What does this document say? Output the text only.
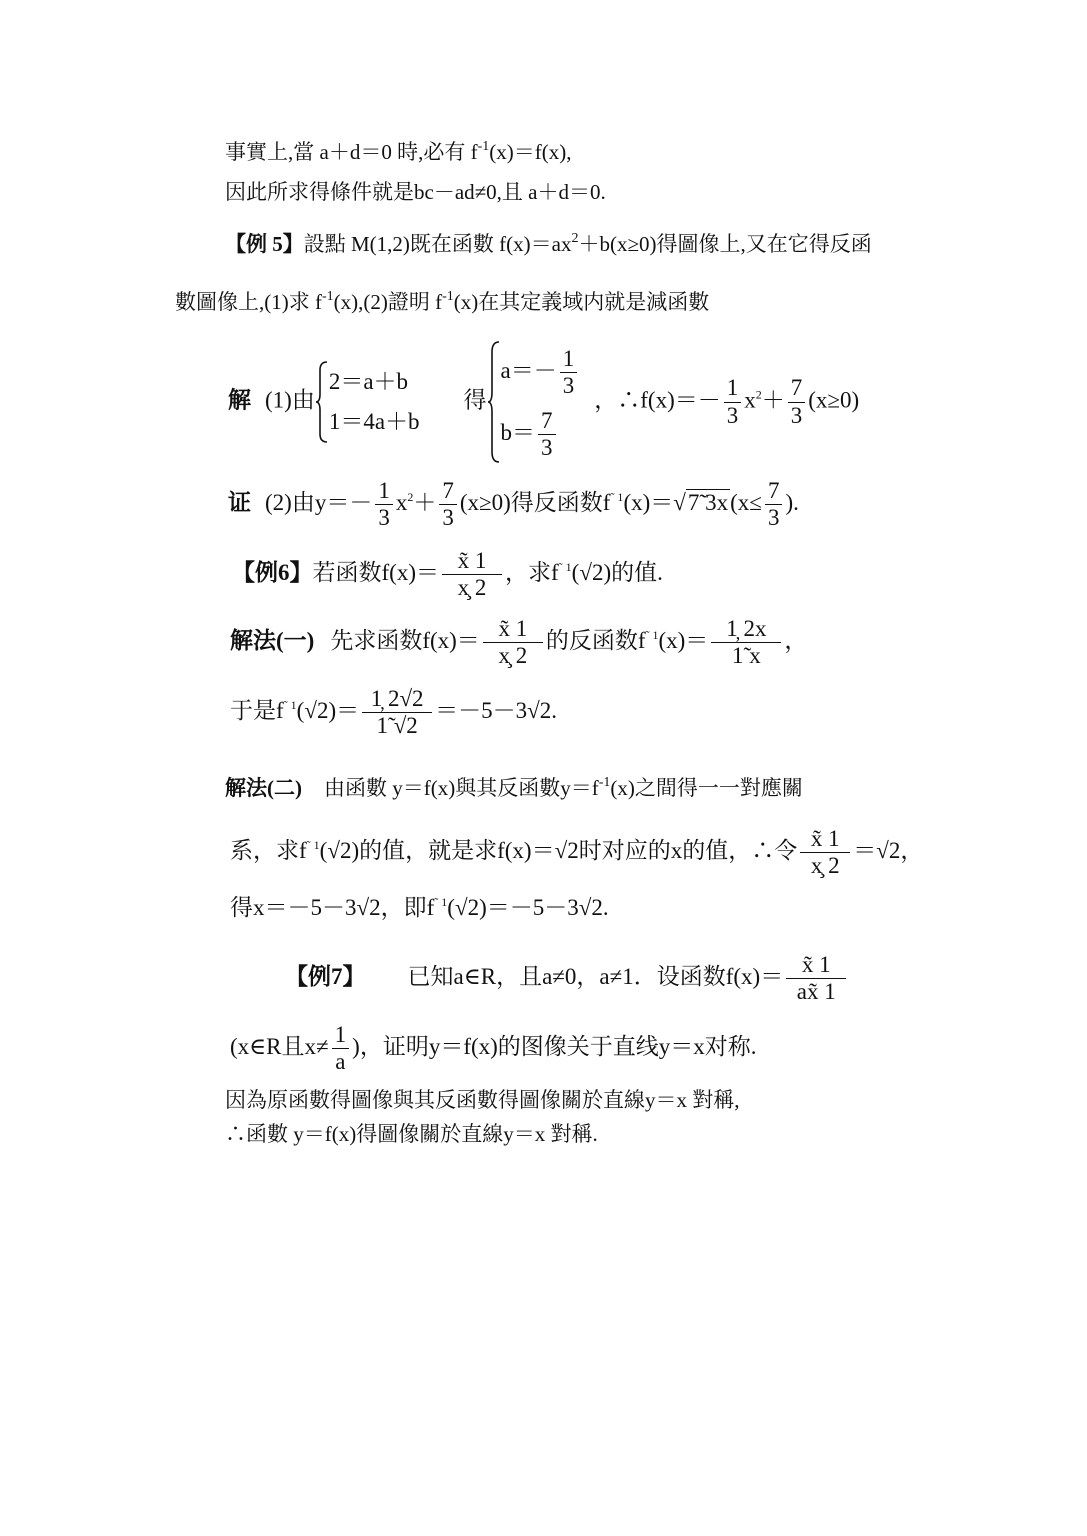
事實上,當 a＋d＝0 時,必有 $f^{-1}(x)=f(x)$,
因此所求得條件就是bc－ad≠0,且 a＋d＝0.
【例 5】設點 M(1,2)既在函數 $f(x)=ax^2+b(x\ge 0)$得圖像上,又在它得反函
數圖像上,(1)求 $f^{-1}(x),(2)$證明 $f^{-1}(x)$在其定義域内就是減函數
解 (1)由
2＝a＋b
1＝4a＋b
得
$a=- \frac{1}{3}$
$b= \frac{7}{3}$
，∴f(x)＝－ $\frac{1}{3} x^2+ \frac{7}{3} (x\ge 0)$
证 (2)由$y=- \frac{1}{3} x^2+ \frac{7}{3} (x\ge 0)$得反函数$f^{˜ 1}(x)=√7̃$ $3x(x\le \frac{7}{3}$ ).
【例6】若函数$f(x)= \frac{x̃ 1}{x̧ 2}$ ，求$f^{˜ 1}(√2)$的值.
解法(一) 先求函数$f(x)= \frac{x̃ 1}{x̧ 2}$ 的反函数$f^{˜ 1}(x)= \frac{1̦ 2x}{1̃ x}$ ，
于是$f^{˜ 1}(√2)= \frac{1̦ 2√2}{1̃ √2} =-5-3√2$.
解法(二) 由函數 y＝f(x)與其反函數$y=f^{-1}(x)$之間得一一對應關
系，求$f^{˜ 1}(√2)$的值，就是求f(x)＝√2时对应的x的值，∴令 $\frac{x̃ 1}{x̧ 2} =√2$，
得x＝－5－3√2，即$f^{˜ 1}(√2)=-5-3√2$.
【例7】 已知a∈R，且a≠0，a≠1．设函数$f(x)= \frac{x̃ 1}{ax̃ 1}$
(x∈R且$x\ne \frac{1}{a}$ )，证明y＝f(x)的图像关于直线y＝x对称.
因為原函數得圖像與其反函數得圖像關於直線y＝x 對稱,
∴函數 y＝f(x)得圖像關於直線y＝x 對稱.
